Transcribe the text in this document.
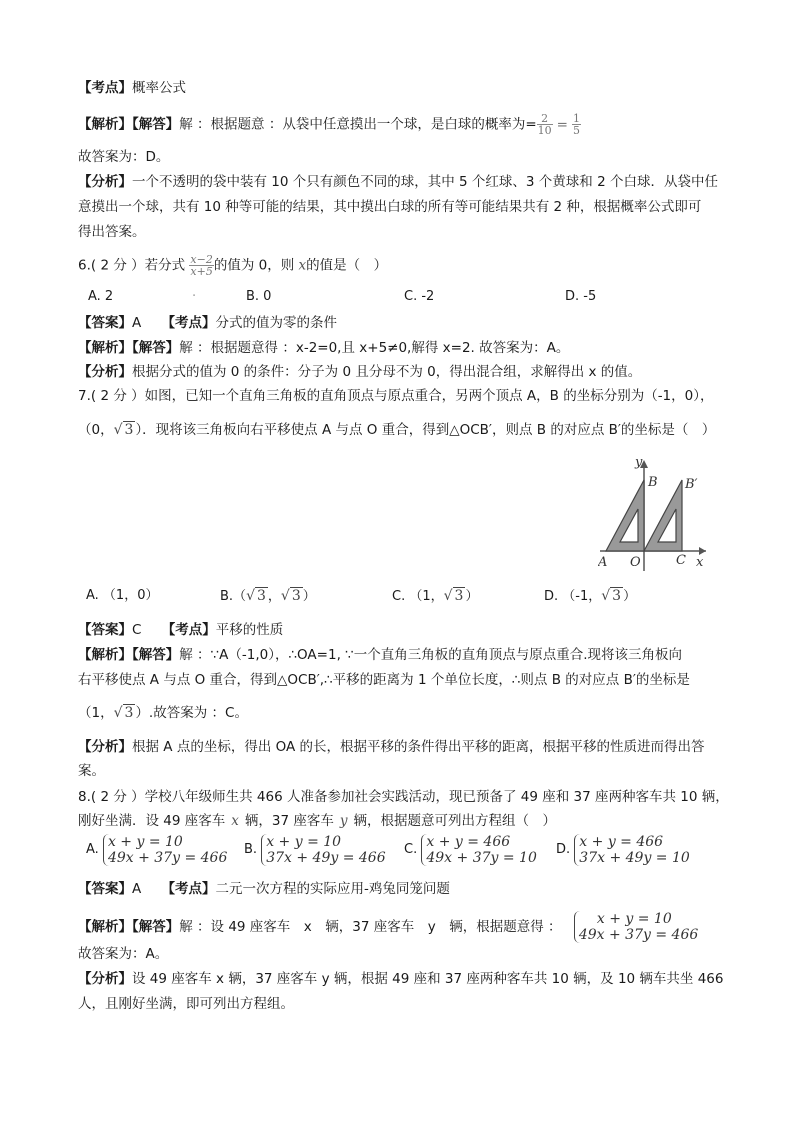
【考点】概率公式
【解析】【解答】解 ：根据题意 ：从袋中任意摸出一个球，是白球的概率为= $\frac{2}{10} = \frac{1}{5}$
故答案为：D。
【分析】一个不透明的袋中装有 10 个只有颜色不同的球，其中 5 个红球、3 个黄球和 2 个白球．从袋中任
意摸出一个球，共有 10 种等可能的结果，其中摸出白球的所有等可能结果共有 2 种，根据概率公式即可
得出答案。
6.( 2 分 ）若分式 $\frac{x-2}{x+5}$ 的值为 0，则 x的值是（　）
A. 2	·	B. 0	C. -2	D. -5
【答案】A 【考点】分式的值为零的条件
【解析】【解答】解 ：根据题意得 ：x-2=0,且 x+5≠0,解得 x=2. 故答案为：A。
【分析】根据分式的值为 0 的条件：分子为 0 且分母不为 0，得出混合组，求解得出 x 的值。
7.( 2 分 ）如图，已知一个直角三角板的直角顶点与原点重合，另两个顶点 A，B 的坐标分别为（-1，0），
（0，√ 3 ）．现将该三角板向右平移使点 A 与点 O 重合，得到△OCB′，则点 B 的对应点 B′的坐标是（　）
y
B B′
A O	C x
A. （1，0）	B.（√ 3 ，√ 3 ）	C. （1，√ 3 ）	D. （-1，√ 3 ）
【答案】C 【考点】平移的性质
【解析】【解答】解 ：∵A（-1,0），∴OA=1, ∵一个直角三角板的直角顶点与原点重合.现将该三角板向
右平移使点 A 与点 O 重合，得到△OCB′,∴平移的距离为 1 个单位长度，∴则点 B 的对应点 B′的坐标是
（1，√ 3 ）.故答案为 ：C。
【分析】根据 A 点的坐标，得出 OA 的长，根据平移的条件得出平移的距离，根据平移的性质进而得出答
案。
8.( 2 分 ）学校八年级师生共 466 人准备参加社会实践活动，现已预备了 49 座和 37 座两种客车共 10 辆，
刚好坐满．设 49 座客车 x 辆，37 座客车 y 辆，根据题意可列出方程组（　）
A. x + y = 10
49x + 37y = 466
B. x + y = 10
37x + 49y = 466
C. x + y = 466
49x + 37y = 10
D. x + y = 466
37x + 49y = 10
【答案】A 【考点】二元一次方程的实际应用-鸡兔同笼问题
【解析】【解答】解 ：设 49 座客车　x　辆，37 座客车　y　辆，根据题意得 ：	x + y = 10
49x + 37y = 466
故答案为：A。
【分析】设 49 座客车 x 辆，37 座客车 y 辆，根据 49 座和 37 座两种客车共 10 辆，及 10 辆车共坐 466
人，且刚好坐满，即可列出方程组。
